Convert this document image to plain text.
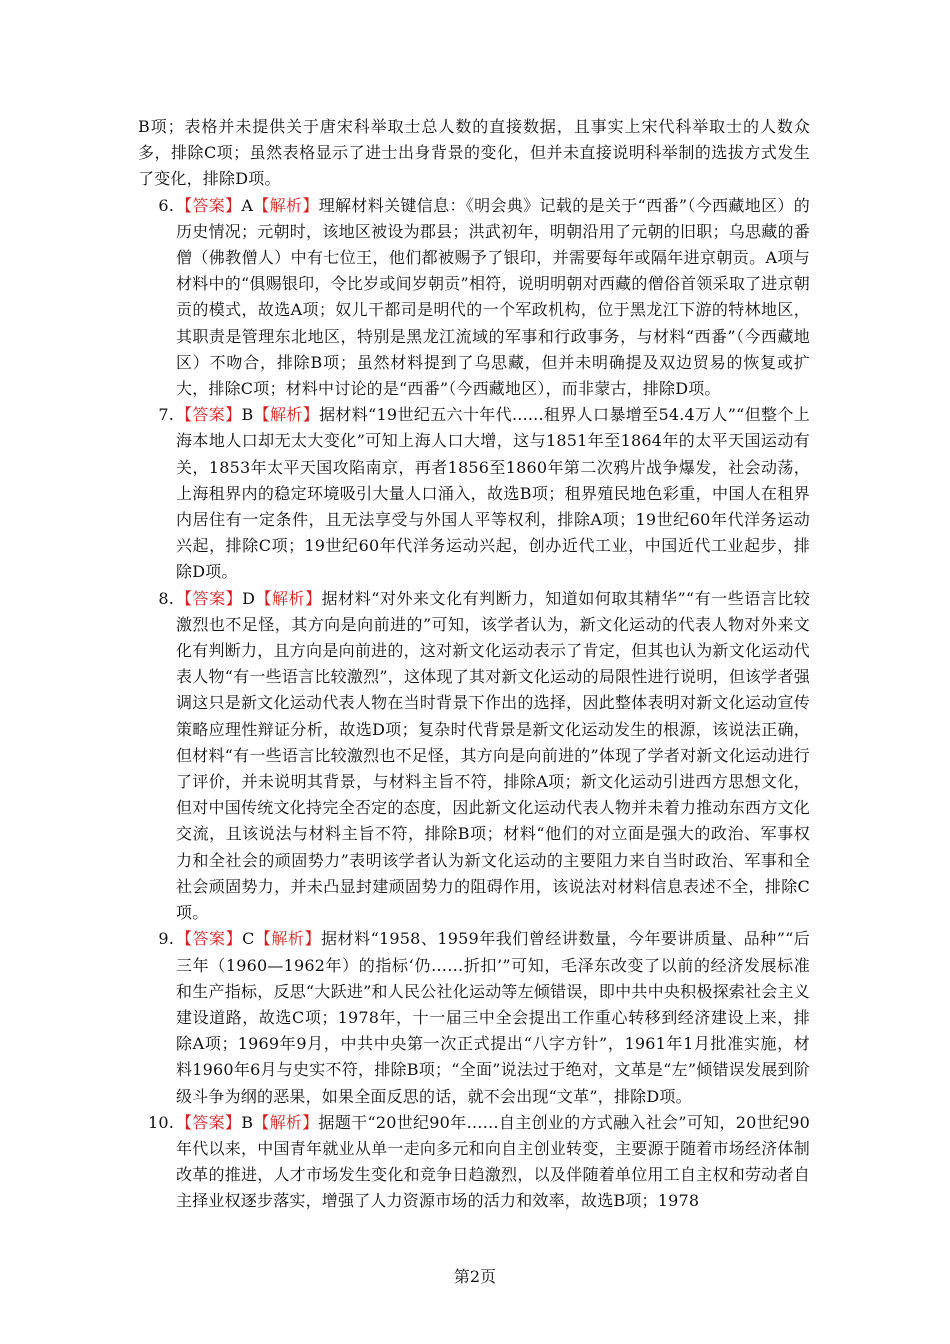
B项；表格并未提供关于唐宋科举取士总人数的直接数据，且事实上宋代科举取士的人数众多，排除C项；虽然表格显示了进士出身背景的变化，但并未直接说明科举制的选拔方式发生了变化，排除D项。

6. 【答案】A【解析】理解材料关键信息：《明会典》记载的是关于“西番”（今西藏地区）的历史情况；元朝时，该地区被设为郡县；洪武初年，明朝沿用了元朝的旧职；乌思藏的番僧（佛教僧人）中有七位王，他们都被赐予了银印，并需要每年或隔年进京朝贡。A项与材料中的“俱赐银印，令比岁或间岁朝贡”相符，说明明朝对西藏的僧俗首领采取了进京朝贡的模式，故选A项；奴儿干都司是明代的一个军政机构，位于黑龙江下游的特林地区，其职责是管理东北地区，特别是黑龙江流域的军事和行政事务，与材料“西番”（今西藏地区）不吻合，排除B项；虽然材料提到了乌思藏，但并未明确提及双边贸易的恢复或扩大，排除C项；材料中讨论的是“西番”（今西藏地区），而非蒙古，排除D项。

7. 【答案】B【解析】据材料“19世纪五六十年代......租界人口暴增至54.4万人”“但整个上海本地人口却无太大变化”可知上海人口大增，这与1851年至1864年的太平天国运动有关，1853年太平天国攻陷南京，再者1856至1860年第二次鸦片战争爆发，社会动荡，上海租界内的稳定环境吸引大量人口涌入，故选B项；租界殖民地色彩重，中国人在租界内居住有一定条件，且无法享受与外国人平等权利，排除A项；19世纪60年代洋务运动兴起，排除C项；19世纪60年代洋务运动兴起，创办近代工业，中国近代工业起步，排除D项。

8. 【答案】D【解析】据材料“对外来文化有判断力，知道如何取其精华”“有一些语言比较激烈也不足怪，其方向是向前进的”可知，该学者认为，新文化运动的代表人物对外来文化有判断力，且方向是向前进的，这对新文化运动表示了肯定，但其也认为新文化运动代表人物“有一些语言比较激烈”，这体现了其对新文化运动的局限性进行说明，但该学者强调这只是新文化运动代表人物在当时背景下作出的选择，因此整体表明对新文化运动宣传策略应理性辩证分析，故选D项；复杂时代背景是新文化运动发生的根源，该说法正确，但材料“有一些语言比较激烈也不足怪，其方向是向前进的”体现了学者对新文化运动进行了评价，并未说明其背景，与材料主旨不符，排除A项；新文化运动引进西方思想文化，但对中国传统文化持完全否定的态度，因此新文化运动代表人物并未着力推动东西方文化交流，且该说法与材料主旨不符，排除B项；材料“他们的对立面是强大的政治、军事权力和全社会的顽固势力”表明该学者认为新文化运动的主要阻力来自当时政治、军事和全社会顽固势力，并未凸显封建顽固势力的阻碍作用，该说法对材料信息表述不全，排除C项。

9. 【答案】C【解析】据材料“1958、1959年我们曾经讲数量，今年要讲质量、品种”“后三年（1960—1962年）的指标‘仍……折扣’”可知，毛泽东改变了以前的经济发展标准和生产指标，反思“大跃进”和人民公社化运动等左倾错误，即中共中央积极探索社会主义建设道路，故选C项；1978年，十一届三中全会提出工作重心转移到经济建设上来，排除A项；1969年9月，中共中央第一次正式提出“八字方针”，1961年1月批准实施，材料1960年6月与史实不符，排除B项；“全面”说法过于绝对，文革是“左”倾错误发展到阶级斗争为纲的恶果，如果全面反思的话，就不会出现“文革”，排除D项。

10. 【答案】B【解析】据题干“20世纪90年……自主创业的方式融入社会”可知，20世纪90年代以来，中国青年就业从单一走向多元和向自主创业转变，主要源于随着市场经济体制改革的推进，人才市场发生变化和竞争日趋激烈，以及伴随着单位用工自主权和劳动者自主择业权逐步落实，增强了人力资源市场的活力和效率，故选B项；1978

第2页
